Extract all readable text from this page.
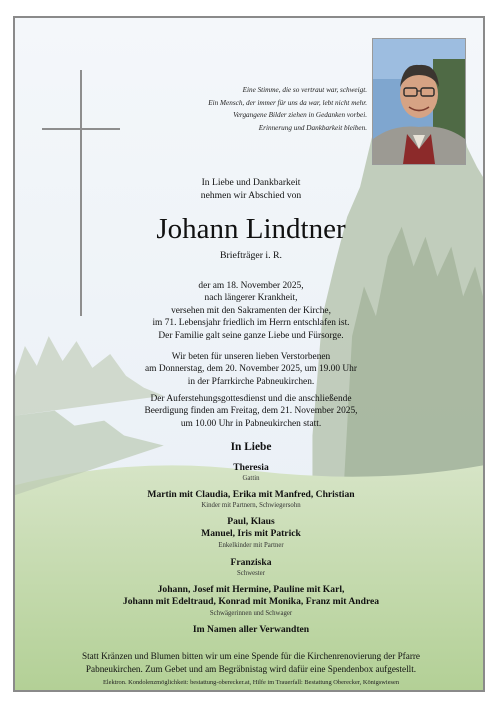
Eine Stimme, die so vertraut war, schweigt.
Ein Mensch, der immer für uns da war, lebt nicht mehr.
Vergangene Bilder ziehen in Gedanken vorbei.
Erinnerung und Dankbarkeit bleiben.
In Liebe und Dankbarkeit
nehmen wir Abschied von
Johann Lindtner
Briefträger i. R.
der am 18. November 2025,
nach längerer Krankheit,
versehen mit den Sakramenten der Kirche,
im 71. Lebensjahr friedlich im Herrn entschlafen ist.
Der Familie galt seine ganze Liebe und Fürsorge.
Wir beten für unseren lieben Verstorbenen
am Donnerstag, dem 20. November 2025, um 19.00 Uhr
in der Pfarrkirche Pabneukirchen.
Der Auferstehungsgottesdienst und die anschließende
Beerdigung finden am Freitag, dem 21. November 2025,
um 10.00 Uhr in Pabneukirchen statt.
In Liebe
Theresia
Gattin
Martin mit Claudia, Erika mit Manfred, Christian
Kinder mit Partnern, Schwiegersohn
Paul, Klaus
Manuel, Iris mit Patrick
Enkelkinder mit Partner
Franziska
Schwester
Johann, Josef mit Hermine, Pauline mit Karl,
Johann mit Edeltraud, Konrad mit Monika, Franz mit Andrea
Schwägerinnen und Schwager
Im Namen aller Verwandten
Statt Kränzen und Blumen bitten wir um eine Spende für die Kirchenrenovierung der Pfarre
Pabneukirchen. Zum Gebet und am Begräbnistag wird dafür eine Spendenbox aufgestellt.
Elektron. Kondolenzmöglichkeit: bestattung-oberecker.at, Hilfe im Trauerfall: Bestattung Oberecker, Königswiesen
